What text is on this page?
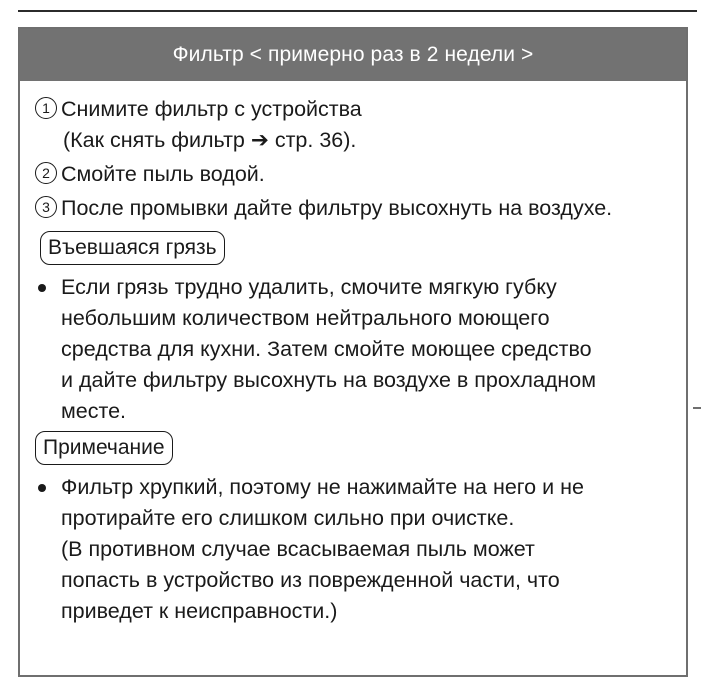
Фильтр < примерно раз в 2 недели >
1 Снимите фильтр с устройства
(Как снять фильтр ➔ стр. 36).
2 Смойте пыль водой.
3 После промывки дайте фильтру высохнуть на воздухе.
Въевшаяся грязь
Если грязь трудно удалить, смочите мягкую губку
небольшим количеством нейтрального моющего
средства для кухни. Затем смойте моющее средство
и дайте фильтру высохнуть на воздухе в прохладном
месте.
Примечание
Фильтр хрупкий, поэтому не нажимайте на него и не
протирайте его слишком сильно при очистке.
(В противном случае всасываемая пыль может
попасть в устройство из поврежденной части, что
приведет к неисправности.)
